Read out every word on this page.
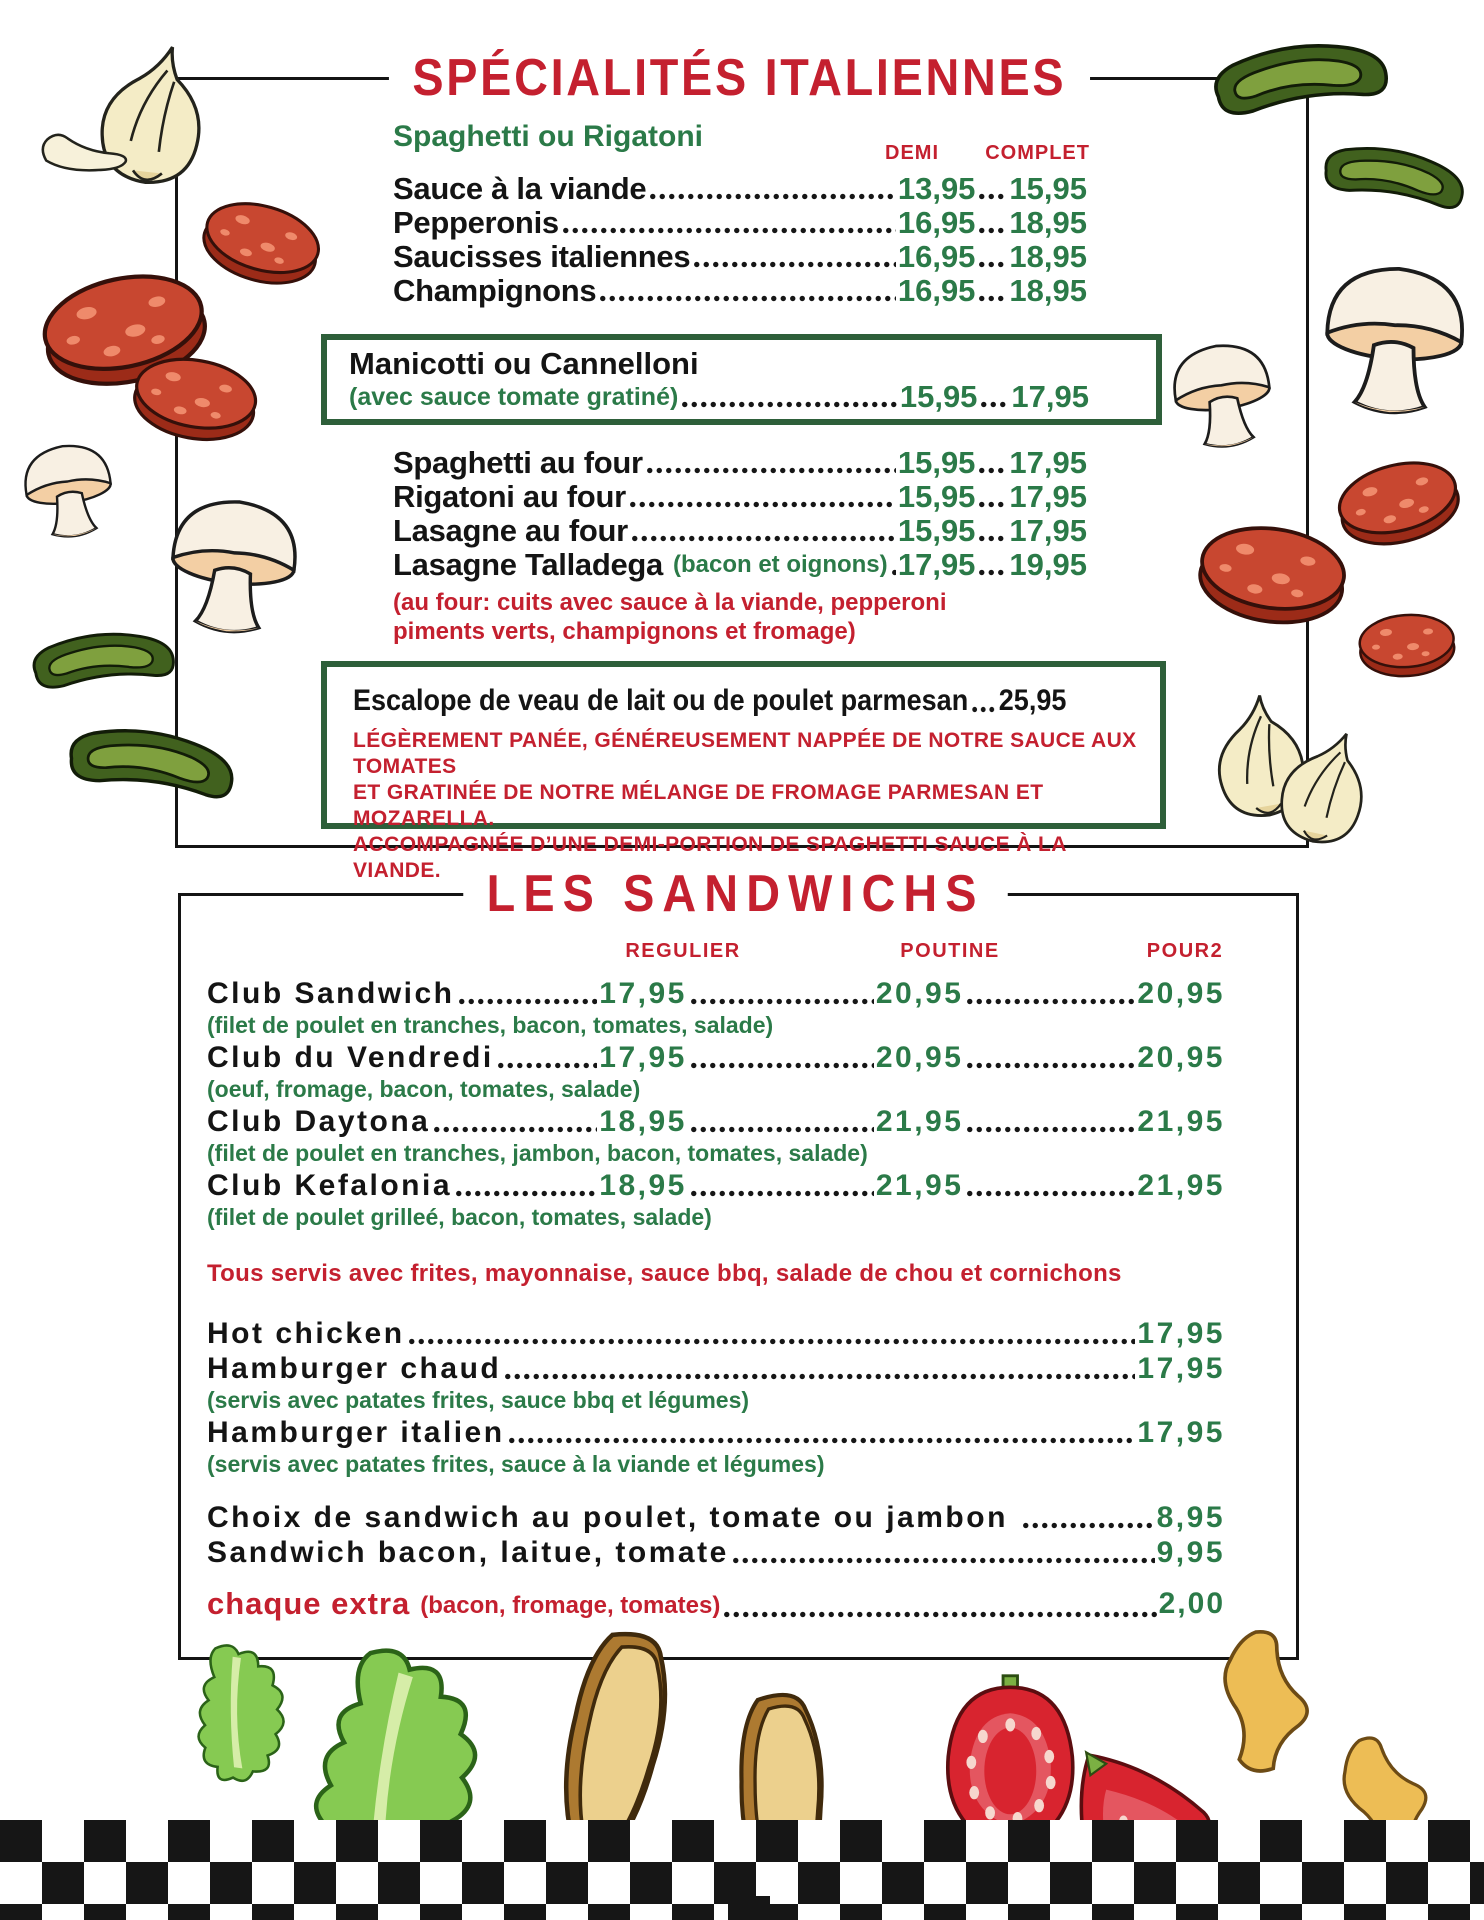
SPÉCIALITÉS ITALIENNES
Spaghetti ou Rigatoni	DEMI COMPLET
Sauce à la viande	13,95 15,95
Pepperonis	16,95 18,95
Saucisses italiennes	16,95 18,95
Champignons	16,95 18,95
Manicotti ou Cannelloni
(avec sauce tomate gratiné)	15,95 17,95
Spaghetti au four	15,95 17,95
Rigatoni au four	15,95 17,95
Lasagne au four	15,95 17,95
Lasagne Talladega (bacon et oignons) 17,95 19,95
(au four: cuits avec sauce à la viande, pepperoni
piments verts, champignons et fromage)
Escalope de veau de lait ou de poulet parmesan 25,95
LÉGÈREMENT PANÉE, GÉNÉREUSEMENT NAPPÉE DE NOTRE SAUCE AUX TOMATES
ET GRATINÉE DE NOTRE MÉLANGE DE FROMAGE PARMESAN ET MOZARELLA.
ACCOMPAGNÉE D’UNE DEMI-PORTION DE SPAGHETTI SAUCE À LA VIANDE. LES SANDWICHS
REGULIER	POUTINE	POUR2
Club Sandwich	17,95	20,95	20,95
(filet de poulet en tranches, bacon, tomates, salade)
Club du Vendredi	17,95	20,95	20,95
(oeuf, fromage, bacon, tomates, salade)
Club Daytona	18,95	21,95	21,95
(filet de poulet en tranches, jambon, bacon, tomates, salade)
Club Kefalonia	18,95	21,95	21,95
(filet de poulet grilleé, bacon, tomates, salade)
Tous servis avec frites, mayonnaise, sauce bbq, salade de chou et cornichons
Hot chicken	17,95
Hamburger chaud	17,95
(servis avec patates frites, sauce bbq et légumes)
Hamburger italien	17,95
(servis avec patates frites, sauce à la viande et légumes)
Choix de sandwich au poulet, tomate ou jambon	8,95
Sandwich bacon, laitue, tomate	9,95
chaque extra (bacon, fromage, tomates)	2,00
